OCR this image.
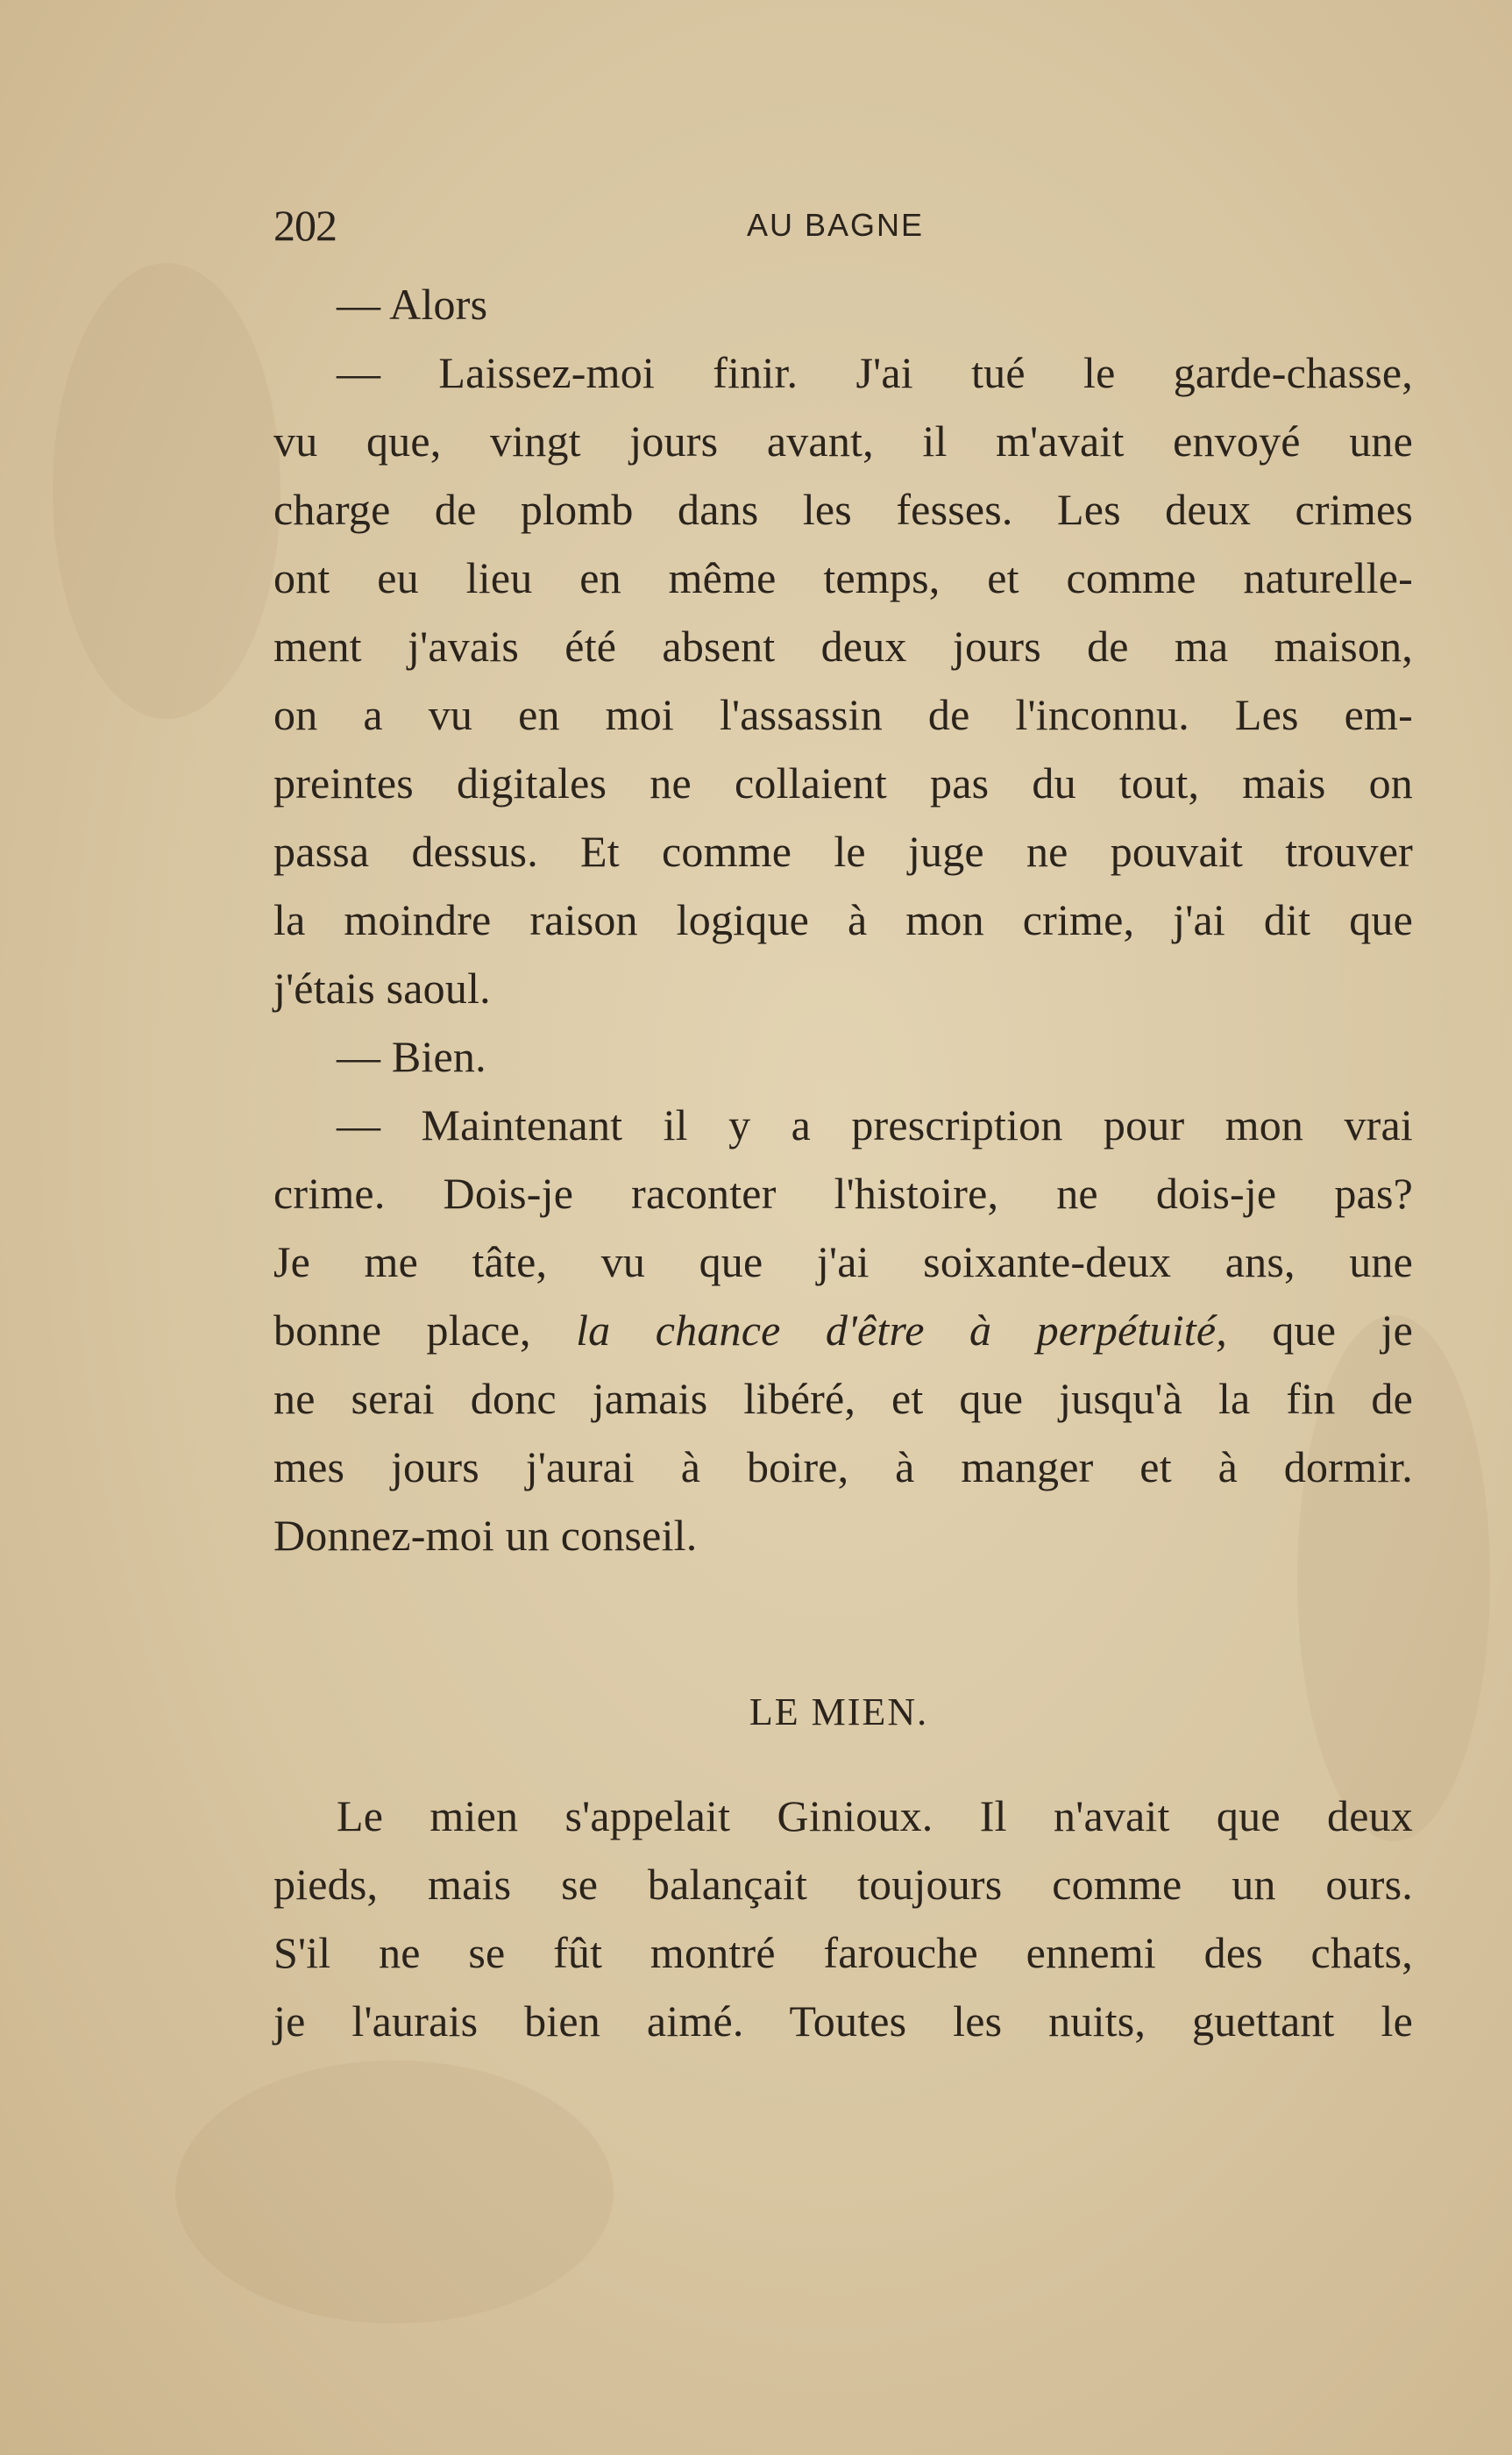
202	AU BAGNE
— Alors
— Laissez-moi finir. J'ai tué le garde-chasse,
vu que, vingt jours avant, il m'avait envoyé une
charge de plomb dans les fesses. Les deux crimes
ont eu lieu en même temps, et comme naturelle-
ment j'avais été absent deux jours de ma maison,
on a vu en moi l'assassin de l'inconnu. Les em-
preintes digitales ne collaient pas du tout, mais on
passa dessus. Et comme le juge ne pouvait trouver
la moindre raison logique à mon crime, j'ai dit que
j'étais saoul.
— Bien.
— Maintenant il y a prescription pour mon vrai
crime. Dois-je raconter l'histoire, ne dois-je pas?
Je me tâte, vu que j'ai soixante-deux ans, une
bonne place, la chance d'être à perpétuité, que je
ne serai donc jamais libéré, et que jusqu'à la fin de
mes jours j'aurai à boire, à manger et à dormir.
Donnez-moi un conseil.
LE MIEN.
Le mien s'appelait Ginioux. Il n'avait que deux
pieds, mais se balançait toujours comme un ours.
S'il ne se fût montré farouche ennemi des chats,
je l'aurais bien aimé. Toutes les nuits, guettant le
